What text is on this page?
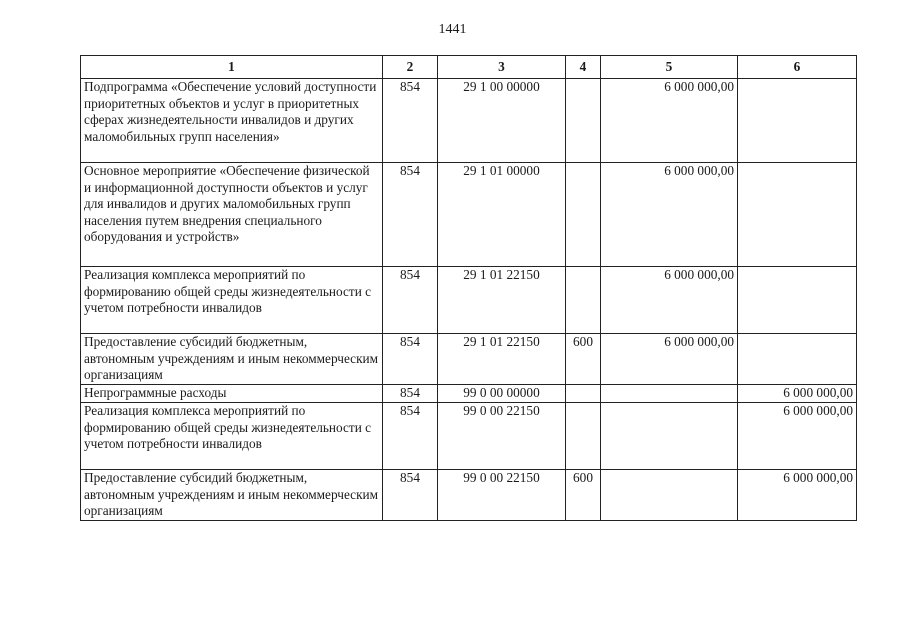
1441
1	2	3	4	5	6
Подпрограмма «Обеспечение условий доступности приоритетных объектов и услуг в приоритетных сферах жизнедеятельности инвалидов и других маломобильных групп населения»	854	29 1 00 00000		6 000 000,00	
Основное мероприятие «Обеспечение физической и информационной доступности объектов и услуг для инвалидов и других маломобильных групп населения путем внедрения специального оборудования и устройств»	854	29 1 01 00000		6 000 000,00	
Реализация комплекса мероприятий по формированию общей среды жизнедеятельности с учетом потребности инвалидов	854	29 1 01 22150		6 000 000,00	
Предоставление субсидий бюджетным, автономным учреждениям и иным некоммерческим организациям	854	29 1 01 22150	600	6 000 000,00	
Непрограммные расходы	854	99 0 00 00000			6 000 000,00
Реализация комплекса мероприятий по формированию общей среды жизнедеятельности с учетом потребности инвалидов	854	99 0 00 22150			6 000 000,00
Предоставление субсидий бюджетным, автономным учреждениям и иным некоммерческим организациям	854	99 0 00 22150	600		6 000 000,00
